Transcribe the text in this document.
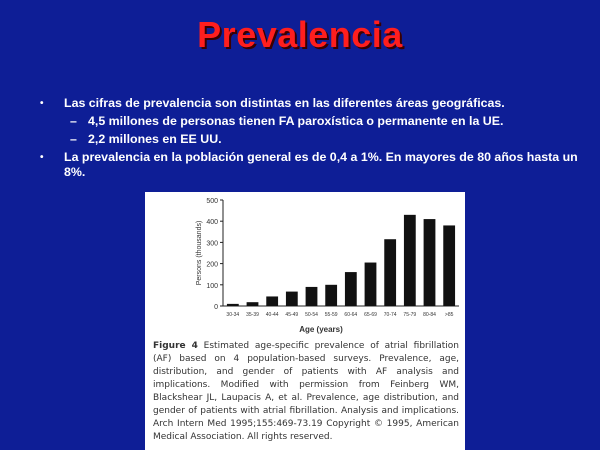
Prevalencia
• Las cifras de prevalencia son distintas en las diferentes áreas geográficas.
– 4,5 millones de personas tienen FA paroxística o permanente en la UE.
– 2,2 millones en EE UU.
• La prevalencia en la población general es de 0,4 a 1%. En mayores de 80 años hasta un 8%.
0
100
200
300
400
500
Persons (thousands)
30-34 35-39 40-44 45-49 50-54 55-59 60-64 65-69 70-74 75-79 80-84 >85
Age (years)
Figure 4 Estimated age-specific prevalence of atrial fibrillation (AF) based on 4 population-based surveys. Prevalence, age, distribution, and gender of patients with AF analysis and implications. Modified with permission from Feinberg WM, Blackshear JL, Laupacis A, et al. Prevalence, age distribution, and gender of patients with atrial fibrillation. Analysis and implications. Arch Intern Med 1995;155:469-73.19 Copyright © 1995, American Medical Association. All rights reserved.
